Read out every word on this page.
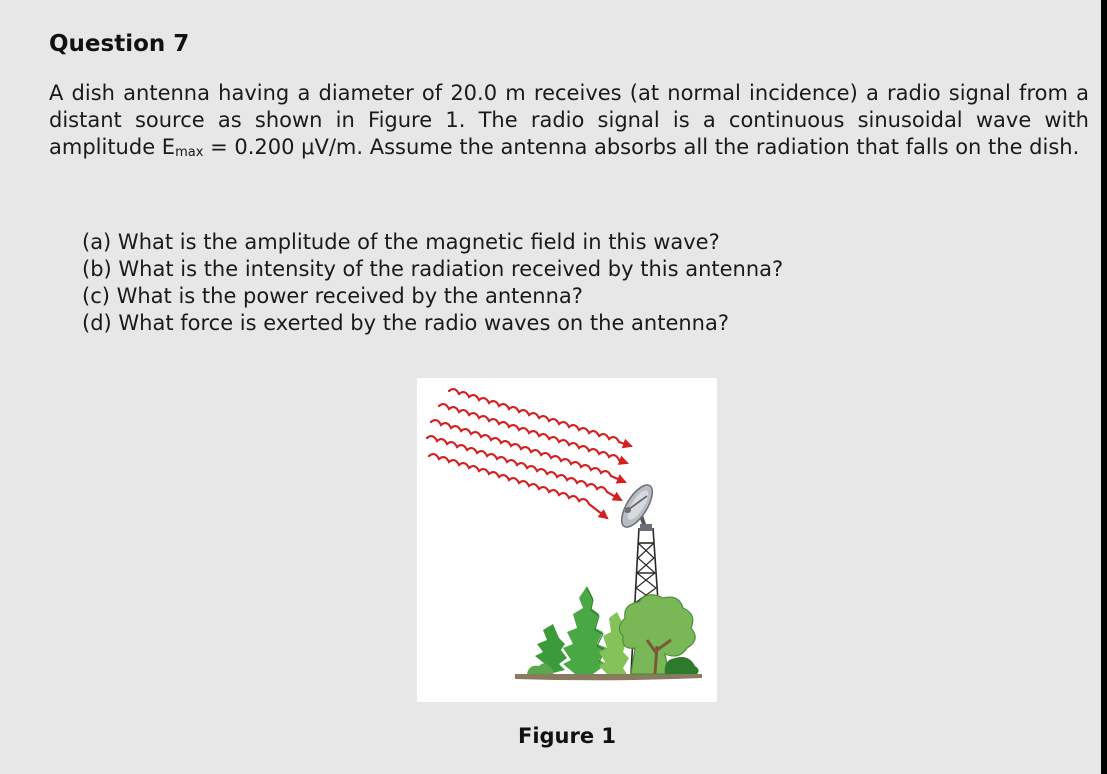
Question 7

A dish antenna having a diameter of 20.0 m receives (at normal incidence) a radio signal from a distant source as shown in Figure 1. The radio signal is a continuous sinusoidal wave with amplitude $E_{max} = 0.200$ μV/m. Assume the antenna absorbs all the radiation that falls on the dish.

(a) What is the amplitude of the magnetic field in this wave?
(b) What is the intensity of the radiation received by this antenna?
(c) What is the power received by the antenna?
(d) What force is exerted by the radio waves on the antenna?

Figure 1
